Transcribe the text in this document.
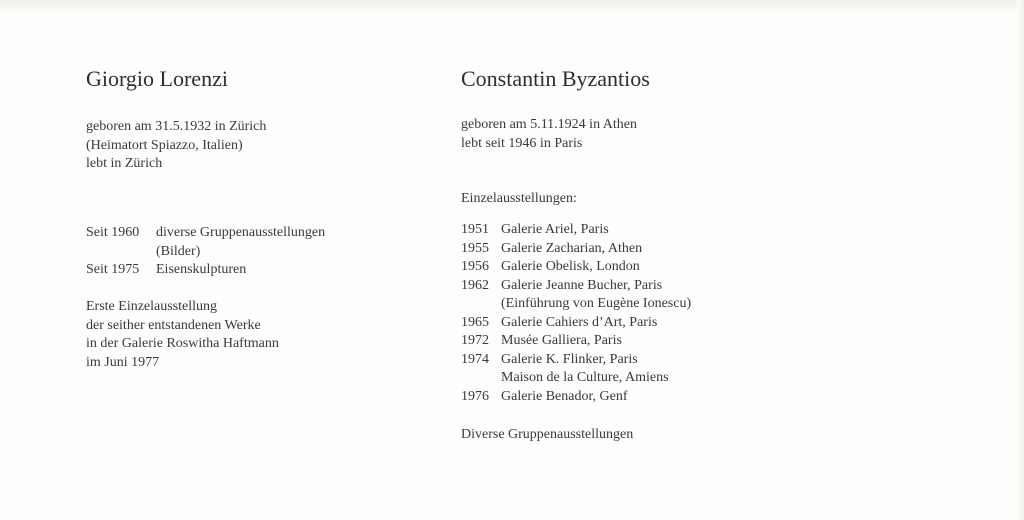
Giorgio Lorenzi
geboren am 31.5.1932 in Zürich
(Heimatort Spiazzo, Italien)
lebt in Zürich
Seit 1960	diverse Gruppenausstellungen
(Bilder)
Seit 1975	Eisenskulpturen
Erste Einzelausstellung
der seither entstandenen Werke
in der Galerie Roswitha Haftmann
im Juni 1977
Constantin Byzantios
geboren am 5.11.1924 in Athen
lebt seit 1946 in Paris
Einzelausstellungen:
1951 Galerie Ariel, Paris
1955 Galerie Zacharian, Athen
1956 Galerie Obelisk, London
1962 Galerie Jeanne Bucher, Paris
(Einführung von Eugène Ionescu)
1965 Galerie Cahiers d’Art, Paris
1972 Musée Galliera, Paris
1974 Galerie K. Flinker, Paris
Maison de la Culture, Amiens
1976 Galerie Benador, Genf
Diverse Gruppenausstellungen
